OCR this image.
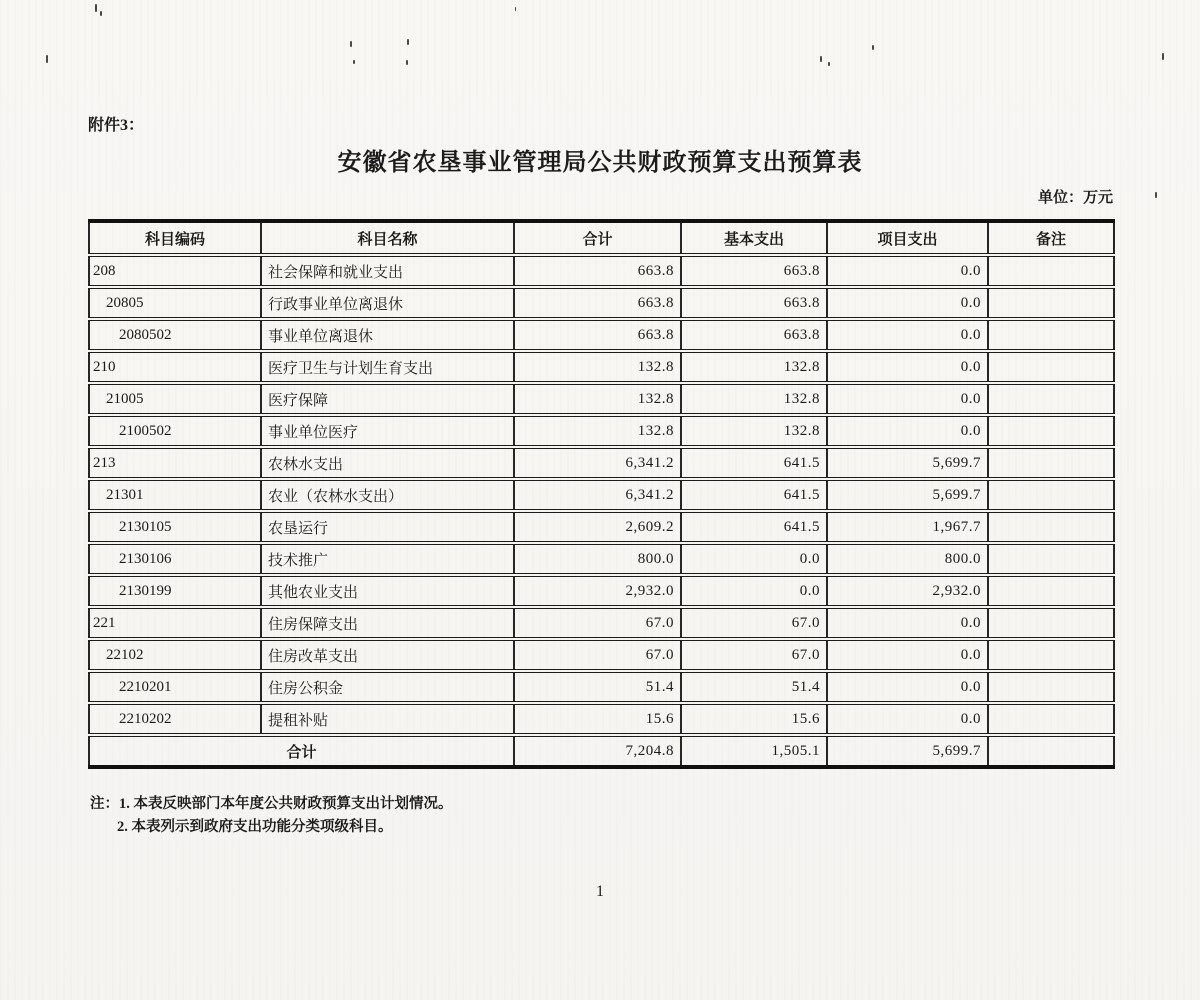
附件3：
安徽省农垦事业管理局公共财政预算支出预算表
单位：万元
科目编码	科目名称	合计	基本支出	项目支出	备注
208	社会保障和就业支出	663.8	663.8	0.0	
20805	行政事业单位离退休	663.8	663.8	0.0	
2080502	事业单位离退休	663.8	663.8	0.0	
210	医疗卫生与计划生育支出	132.8	132.8	0.0	
21005	医疗保障	132.8	132.8	0.0	
2100502	事业单位医疗	132.8	132.8	0.0	
213	农林水支出	6,341.2	641.5	5,699.7	
21301	农业（农林水支出）	6,341.2	641.5	5,699.7	
2130105	农垦运行	2,609.2	641.5	1,967.7	
2130106	技术推广	800.0	0.0	800.0	
2130199	其他农业支出	2,932.0	0.0	2,932.0	
221	住房保障支出	67.0	67.0	0.0	
22102	住房改革支出	67.0	67.0	0.0	
2210201	住房公积金	51.4	51.4	0.0	
2210202	提租补贴	15.6	15.6	0.0	
合计		7,204.8	1,505.1	5,699.7	
注：1. 本表反映部门本年度公共财政预算支出计划情况。
2. 本表列示到政府支出功能分类项级科目。
1
